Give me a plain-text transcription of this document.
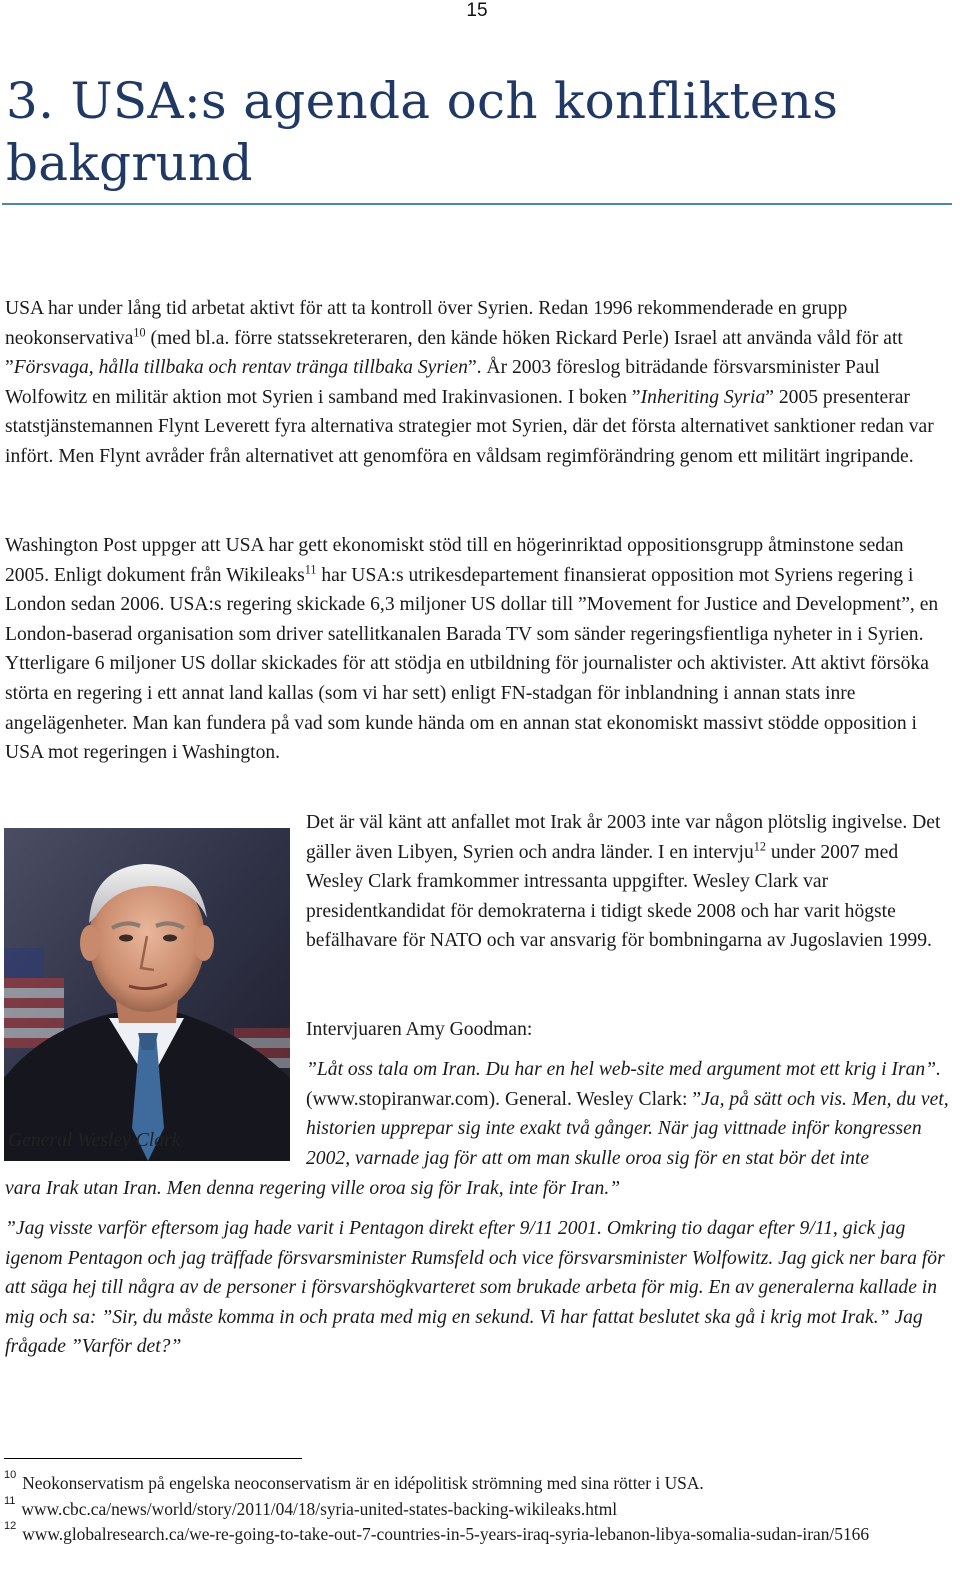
15
3. USA:s agenda och konfliktens bakgrund

USA har under lång tid arbetat aktivt för att ta kontroll över Syrien. Redan 1996 rekommenderade en grupp neokonservativa$^{10}$ (med bl.a. förre statssekreteraren, den kände höken Rickard Perle) Israel att använda våld för att ”Försvaga, hålla tillbaka och rentav tränga tillbaka Syrien”. År 2003 föreslog biträdande försvarsminister Paul Wolfowitz en militär aktion mot Syrien i samband med Irakinvasionen. I boken ”Inheriting Syria” 2005 presenterar statstjänstemannen Flynt Leverett fyra alternativa strategier mot Syrien, där det första alternativet sanktioner redan var infört. Men Flynt avråder från alternativet att genomföra en våldsam regimförändring genom ett militärt ingripande.

Washington Post uppger att USA har gett ekonomiskt stöd till en högerinriktad oppositionsgrupp åtminstone sedan 2005. Enligt dokument från Wikileaks$^{11}$ har USA:s utrikesdepartement finansierat opposition mot Syriens regering i London sedan 2006. USA:s regering skickade 6,3 miljoner US dollar till ”Movement for Justice and Development”, en London-baserad organisation som driver satellitkanalen Barada TV som sänder regeringsfientliga nyheter in i Syrien. Ytterligare 6 miljoner US dollar skickades för att stödja en utbildning för journalister och aktivister. Att aktivt försöka störta en regering i ett annat land kallas (som vi har sett) enligt FN-stadgan för inblandning i annan stats inre angelägenheter. Man kan fundera på vad som kunde hända om en annan stat ekonomiskt massivt stödde opposition i USA mot regeringen i Washington.

General Wesley Clark

Det är väl känt att anfallet mot Irak år 2003 inte var någon plötslig ingivelse. Det gäller även Libyen, Syrien och andra länder. I en intervju$^{12}$ under 2007 med Wesley Clark framkommer intressanta uppgifter. Wesley Clark var presidentkandidat för demokraterna i tidigt skede 2008 och har varit högste befälhavare för NATO och var ansvarig för bombningarna av Jugoslavien 1999.

Intervjuaren Amy Goodman:

”Låt oss tala om Iran. Du har en hel web-site med argument mot ett krig i Iran”. (www.stopiranwar.com). General. Wesley Clark: ”Ja, på sätt och vis. Men, du vet, historien upprepar sig inte exakt två gånger. När jag vittnade inför kongressen 2002, varnade jag för att om man skulle oroa sig för en stat bör det inte

vara Irak utan Iran. Men denna regering ville oroa sig för Irak, inte för Iran.”

”Jag visste varför eftersom jag hade varit i Pentagon direkt efter 9/11 2001. Omkring tio dagar efter 9/11, gick jag igenom Pentagon och jag träffade försvarsminister Rumsfeld och vice försvarsminister Wolfowitz. Jag gick ner bara för att säga hej till några av de personer i försvarshögkvarteret som brukade arbeta för mig. En av generalerna kallade in mig och sa: ”Sir, du måste komma in och prata med mig en sekund. Vi har fattat beslutet ska gå i krig mot Irak.” Jag frågade ”Varför det?”

$^{10}$ Neokonservatism på engelska neoconservatism är en idépolitisk strömning med sina rötter i USA.

$^{11}$ www.cbc.ca/news/world/story/2011/04/18/syria-united-states-backing-wikileaks.html

$^{12}$ www.globalresearch.ca/we-re-going-to-take-out-7-countries-in-5-years-iraq-syria-lebanon-libya-somalia-sudan-iran/5166
